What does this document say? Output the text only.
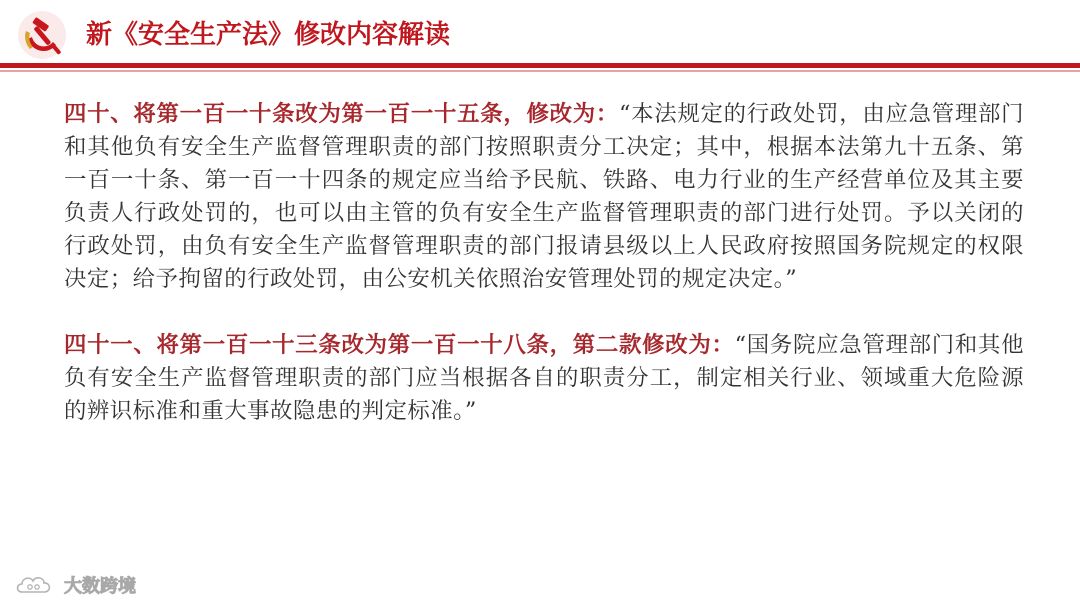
新《安全生产法》修改内容解读

四十、将第一百一十条改为第一百一十五条，修改为：“本法规定的行政处罚，由应急管理部门和其他负有安全生产监督管理职责的部门按照职责分工决定；其中，根据本法第九十五条、第一百一十条、第一百一十四条的规定应当给予民航、铁路、电力行业的生产经营单位及其主要负责人行政处罚的，也可以由主管的负有安全生产监督管理职责的部门进行处罚。予以关闭的行政处罚，由负有安全生产监督管理职责的部门报请县级以上人民政府按照国务院规定的权限决定；给予拘留的行政处罚，由公安机关依照治安管理处罚的规定决定。”

四十一、将第一百一十三条改为第一百一十八条，第二款修改为：“国务院应急管理部门和其他负有安全生产监督管理职责的部门应当根据各自的职责分工，制定相关行业、领域重大危险源的辨识标准和重大事故隐患的判定标准。”

大数跨境
